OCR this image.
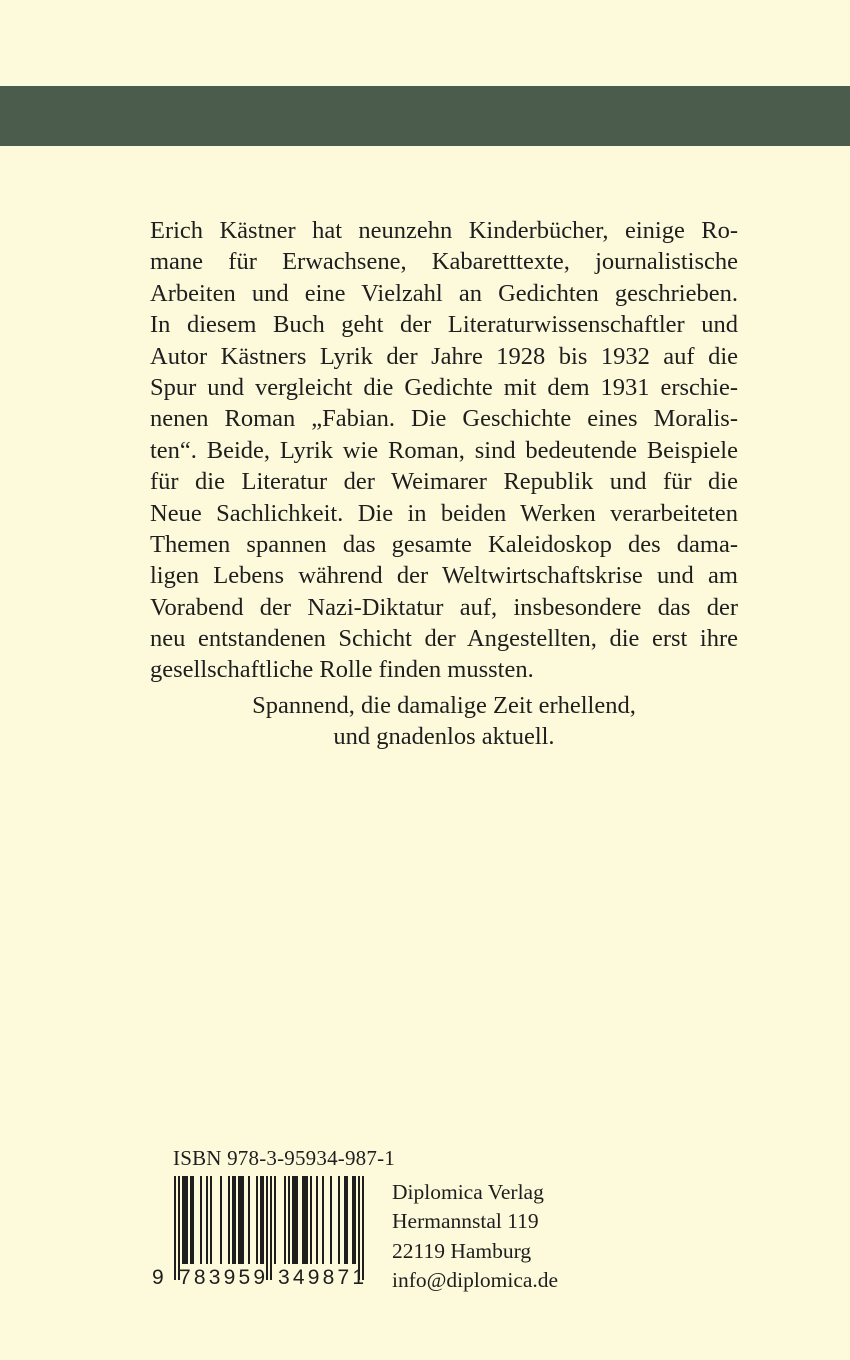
Erich Kästner hat neunzehn Kinderbücher, einige Ro-
mane für Erwachsene, Kabaretttexte, journalistische
Arbeiten und eine Vielzahl an Gedichten geschrieben.
In diesem Buch geht der Literaturwissenschaftler und
Autor Kästners Lyrik der Jahre 1928 bis 1932 auf die
Spur und vergleicht die Gedichte mit dem 1931 erschie-
nenen Roman „Fabian. Die Geschichte eines Moralis-
ten“. Beide, Lyrik wie Roman, sind bedeutende Beispiele
für die Literatur der Weimarer Republik und für die
Neue Sachlichkeit. Die in beiden Werken verarbeiteten
Themen spannen das gesamte Kaleidoskop des dama-
ligen Lebens während der Weltwirtschaftskrise und am
Vorabend der Nazi-Diktatur auf, insbesondere das der
neu entstandenen Schicht der Angestellten, die erst ihre
gesellschaftliche Rolle finden mussten.
Spannend, die damalige Zeit erhellend,
und gnadenlos aktuell.
ISBN 978-3-95934-987-1
9 783959 349871
Diplomica Verlag
Hermannstal 119
22119 Hamburg
info@diplomica.de
